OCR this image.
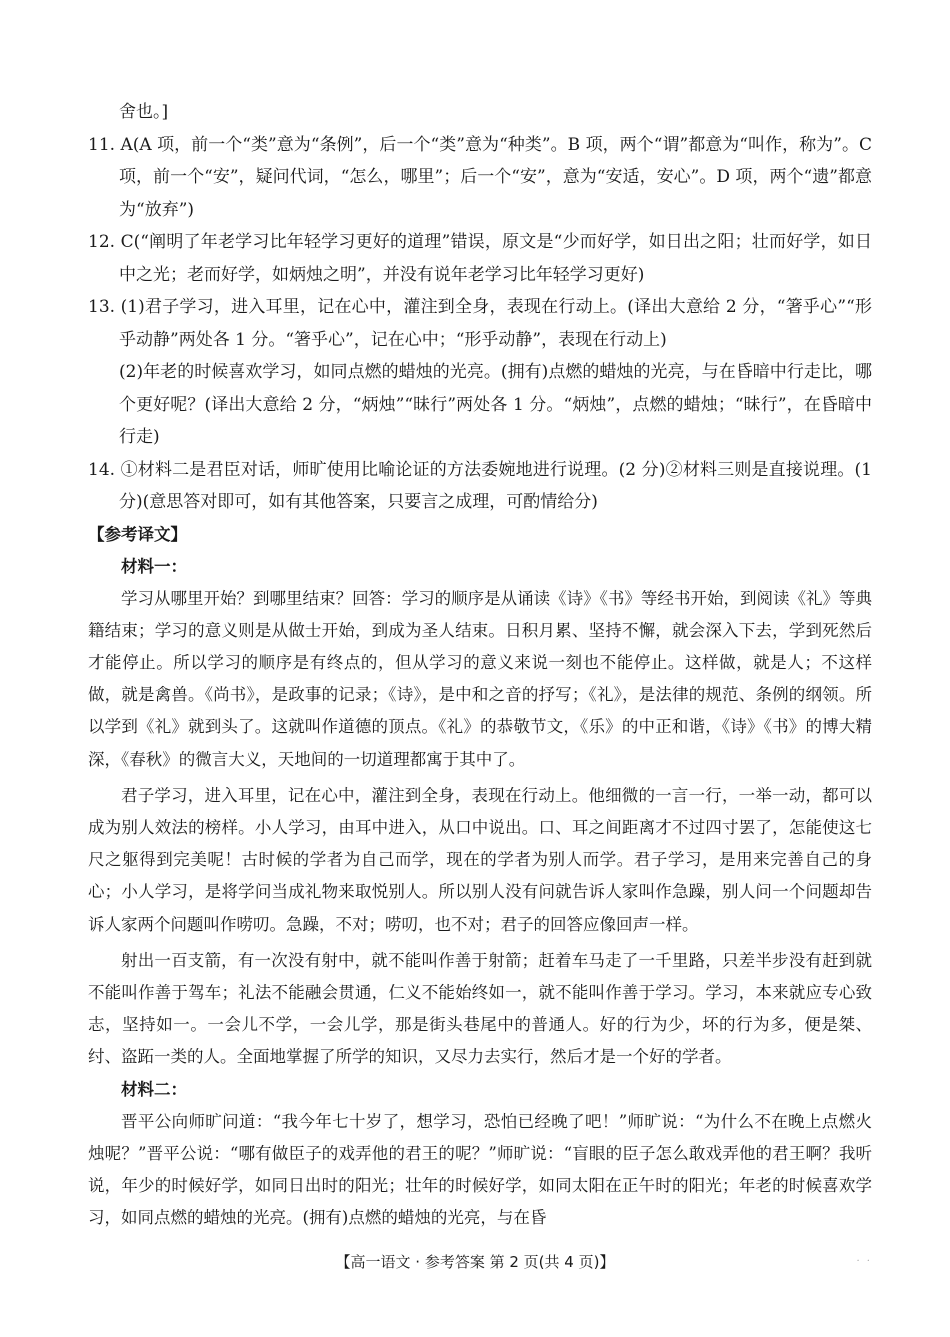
舍也。]

11. A(A 项，前一个“类”意为“条例”，后一个“类”意为“种类”。B 项，两个“谓”都意为“叫作，称为”。C 项，前一个“安”，疑问代词，“怎么，哪里”；后一个“安”，意为“安适，安心”。D 项，两个“遗”都意为“放弃”)

12. C(“阐明了年老学习比年轻学习更好的道理”错误，原文是“少而好学，如日出之阳；壮而好学，如日中之光；老而好学，如炳烛之明”，并没有说年老学习比年轻学习更好)

13. (1)君子学习，进入耳里，记在心中，灌注到全身，表现在行动上。(译出大意给 2 分，“箸乎心”“形乎动静”两处各 1 分。“箸乎心”，记在心中；“形乎动静”，表现在行动上)

(2)年老的时候喜欢学习，如同点燃的蜡烛的光亮。(拥有)点燃的蜡烛的光亮，与在昏暗中行走比，哪个更好呢？(译出大意给 2 分，“炳烛”“昧行”两处各 1 分。“炳烛”，点燃的蜡烛；“昧行”，在昏暗中行走)

14. ①材料二是君臣对话，师旷使用比喻论证的方法委婉地进行说理。(2 分)②材料三则是直接说理。(1 分)(意思答对即可，如有其他答案，只要言之成理，可酌情给分)

【参考译文】
材料一：

学习从哪里开始？到哪里结束？回答：学习的顺序是从诵读《诗》《书》等经书开始，到阅读《礼》等典籍结束；学习的意义则是从做士开始，到成为圣人结束。日积月累、坚持不懈，就会深入下去，学到死然后才能停止。所以学习的顺序是有终点的，但从学习的意义来说一刻也不能停止。这样做，就是人；不这样做，就是禽兽。《尚书》，是政事的记录；《诗》，是中和之音的抒写；《礼》，是法律的规范、条例的纲领。所以学到《礼》就到头了。这就叫作道德的顶点。《礼》的恭敬节文，《乐》的中正和谐，《诗》《书》的博大精深，《春秋》的微言大义，天地间的一切道理都寓于其中了。

君子学习，进入耳里，记在心中，灌注到全身，表现在行动上。他细微的一言一行，一举一动，都可以成为别人效法的榜样。小人学习，由耳中进入，从口中说出。口、耳之间距离才不过四寸罢了，怎能使这七尺之躯得到完美呢！古时候的学者为自己而学，现在的学者为别人而学。君子学习，是用来完善自己的身心；小人学习，是将学问当成礼物来取悦别人。所以别人没有问就告诉人家叫作急躁，别人问一个问题却告诉人家两个问题叫作唠叨。急躁，不对；唠叨，也不对；君子的回答应像回声一样。

射出一百支箭，有一次没有射中，就不能叫作善于射箭；赶着车马走了一千里路，只差半步没有赶到就不能叫作善于驾车；礼法不能融会贯通，仁义不能始终如一，就不能叫作善于学习。学习，本来就应专心致志，坚持如一。一会儿不学，一会儿学，那是街头巷尾中的普通人。好的行为少，坏的行为多，便是桀、纣、盗跖一类的人。全面地掌握了所学的知识，又尽力去实行，然后才是一个好的学者。

材料二：

晋平公向师旷问道：“我今年七十岁了，想学习，恐怕已经晚了吧！”师旷说：“为什么不在晚上点燃火烛呢？”晋平公说：“哪有做臣子的戏弄他的君王的呢？”师旷说：“盲眼的臣子怎么敢戏弄他的君王啊？我听说，年少的时候好学，如同日出时的阳光；壮年的时候好学，如同太阳在正午时的阳光；年老的时候喜欢学习，如同点燃的蜡烛的光亮。(拥有)点燃的蜡烛的光亮，与在昏

【高一语文 · 参考答案 第 2 页(共 4 页)】	· ·
